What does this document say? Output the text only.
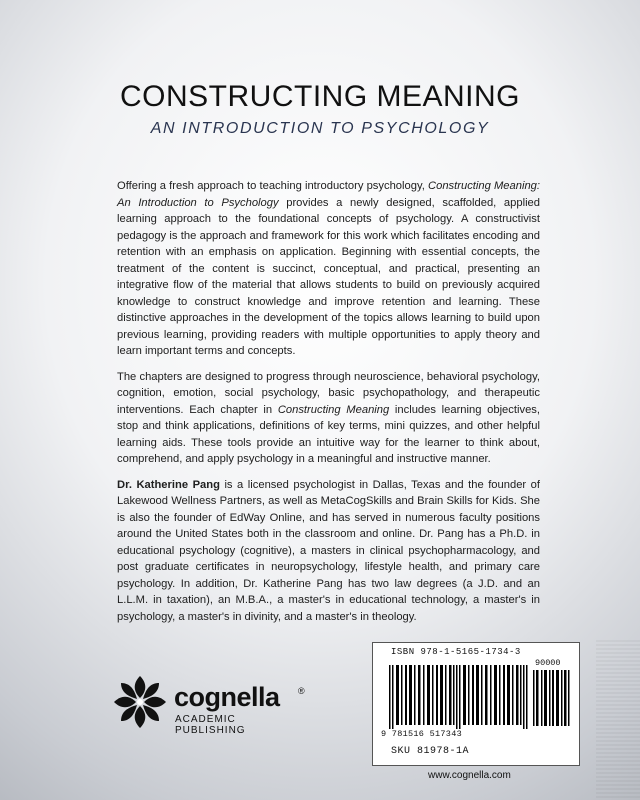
CONSTRUCTING MEANING
AN INTRODUCTION TO PSYCHOLOGY

Offering a fresh approach to teaching introductory psychology, Constructing Meaning: An Introduction to Psychology provides a newly designed, scaffolded, applied learning approach to the foundational concepts of psychology. A constructivist pedagogy is the approach and framework for this work which facilitates encoding and retention with an emphasis on application. Beginning with essential concepts, the treatment of the content is succinct, conceptual, and practical, presenting an integrative flow of the material that allows students to build on previously acquired knowledge to construct knowledge and improve retention and learning. These distinctive approaches in the development of the topics allows learning to build upon previous learning, providing readers with multiple opportunities to apply theory and learn important terms and concepts.

The chapters are designed to progress through neuroscience, behavioral psychology, cognition, emotion, social psychology, basic psychopathology, and therapeutic interventions. Each chapter in Constructing Meaning includes learning objectives, stop and think applications, definitions of key terms, mini quizzes, and other helpful learning aids. These tools provide an intuitive way for the learner to think about, comprehend, and apply psychology in a meaningful and instructive manner.

Dr. Katherine Pang is a licensed psychologist in Dallas, Texas and the founder of Lakewood Wellness Partners, as well as MetaCogSkills and Brain Skills for Kids. She is also the founder of EdWay Online, and has served in numerous faculty positions around the United States both in the classroom and online. Dr. Pang has a Ph.D. in educational psychology (cognitive), a masters in clinical psychopharmacology, and post graduate certificates in neuropsychology, lifestyle health, and primary care psychology. In addition, Dr. Katherine Pang has two law degrees (a J.D. and an L.L.M. in taxation), an M.B.A., a master's in educational technology, a master's in psychology, a master's in divinity, and a master's in theology.

cognella ®
ACADEMIC PUBLISHING
ISBN 978-1-5165-1734-3
90000
9 781516 517343
SKU 81978-1A
www.cognella.com
